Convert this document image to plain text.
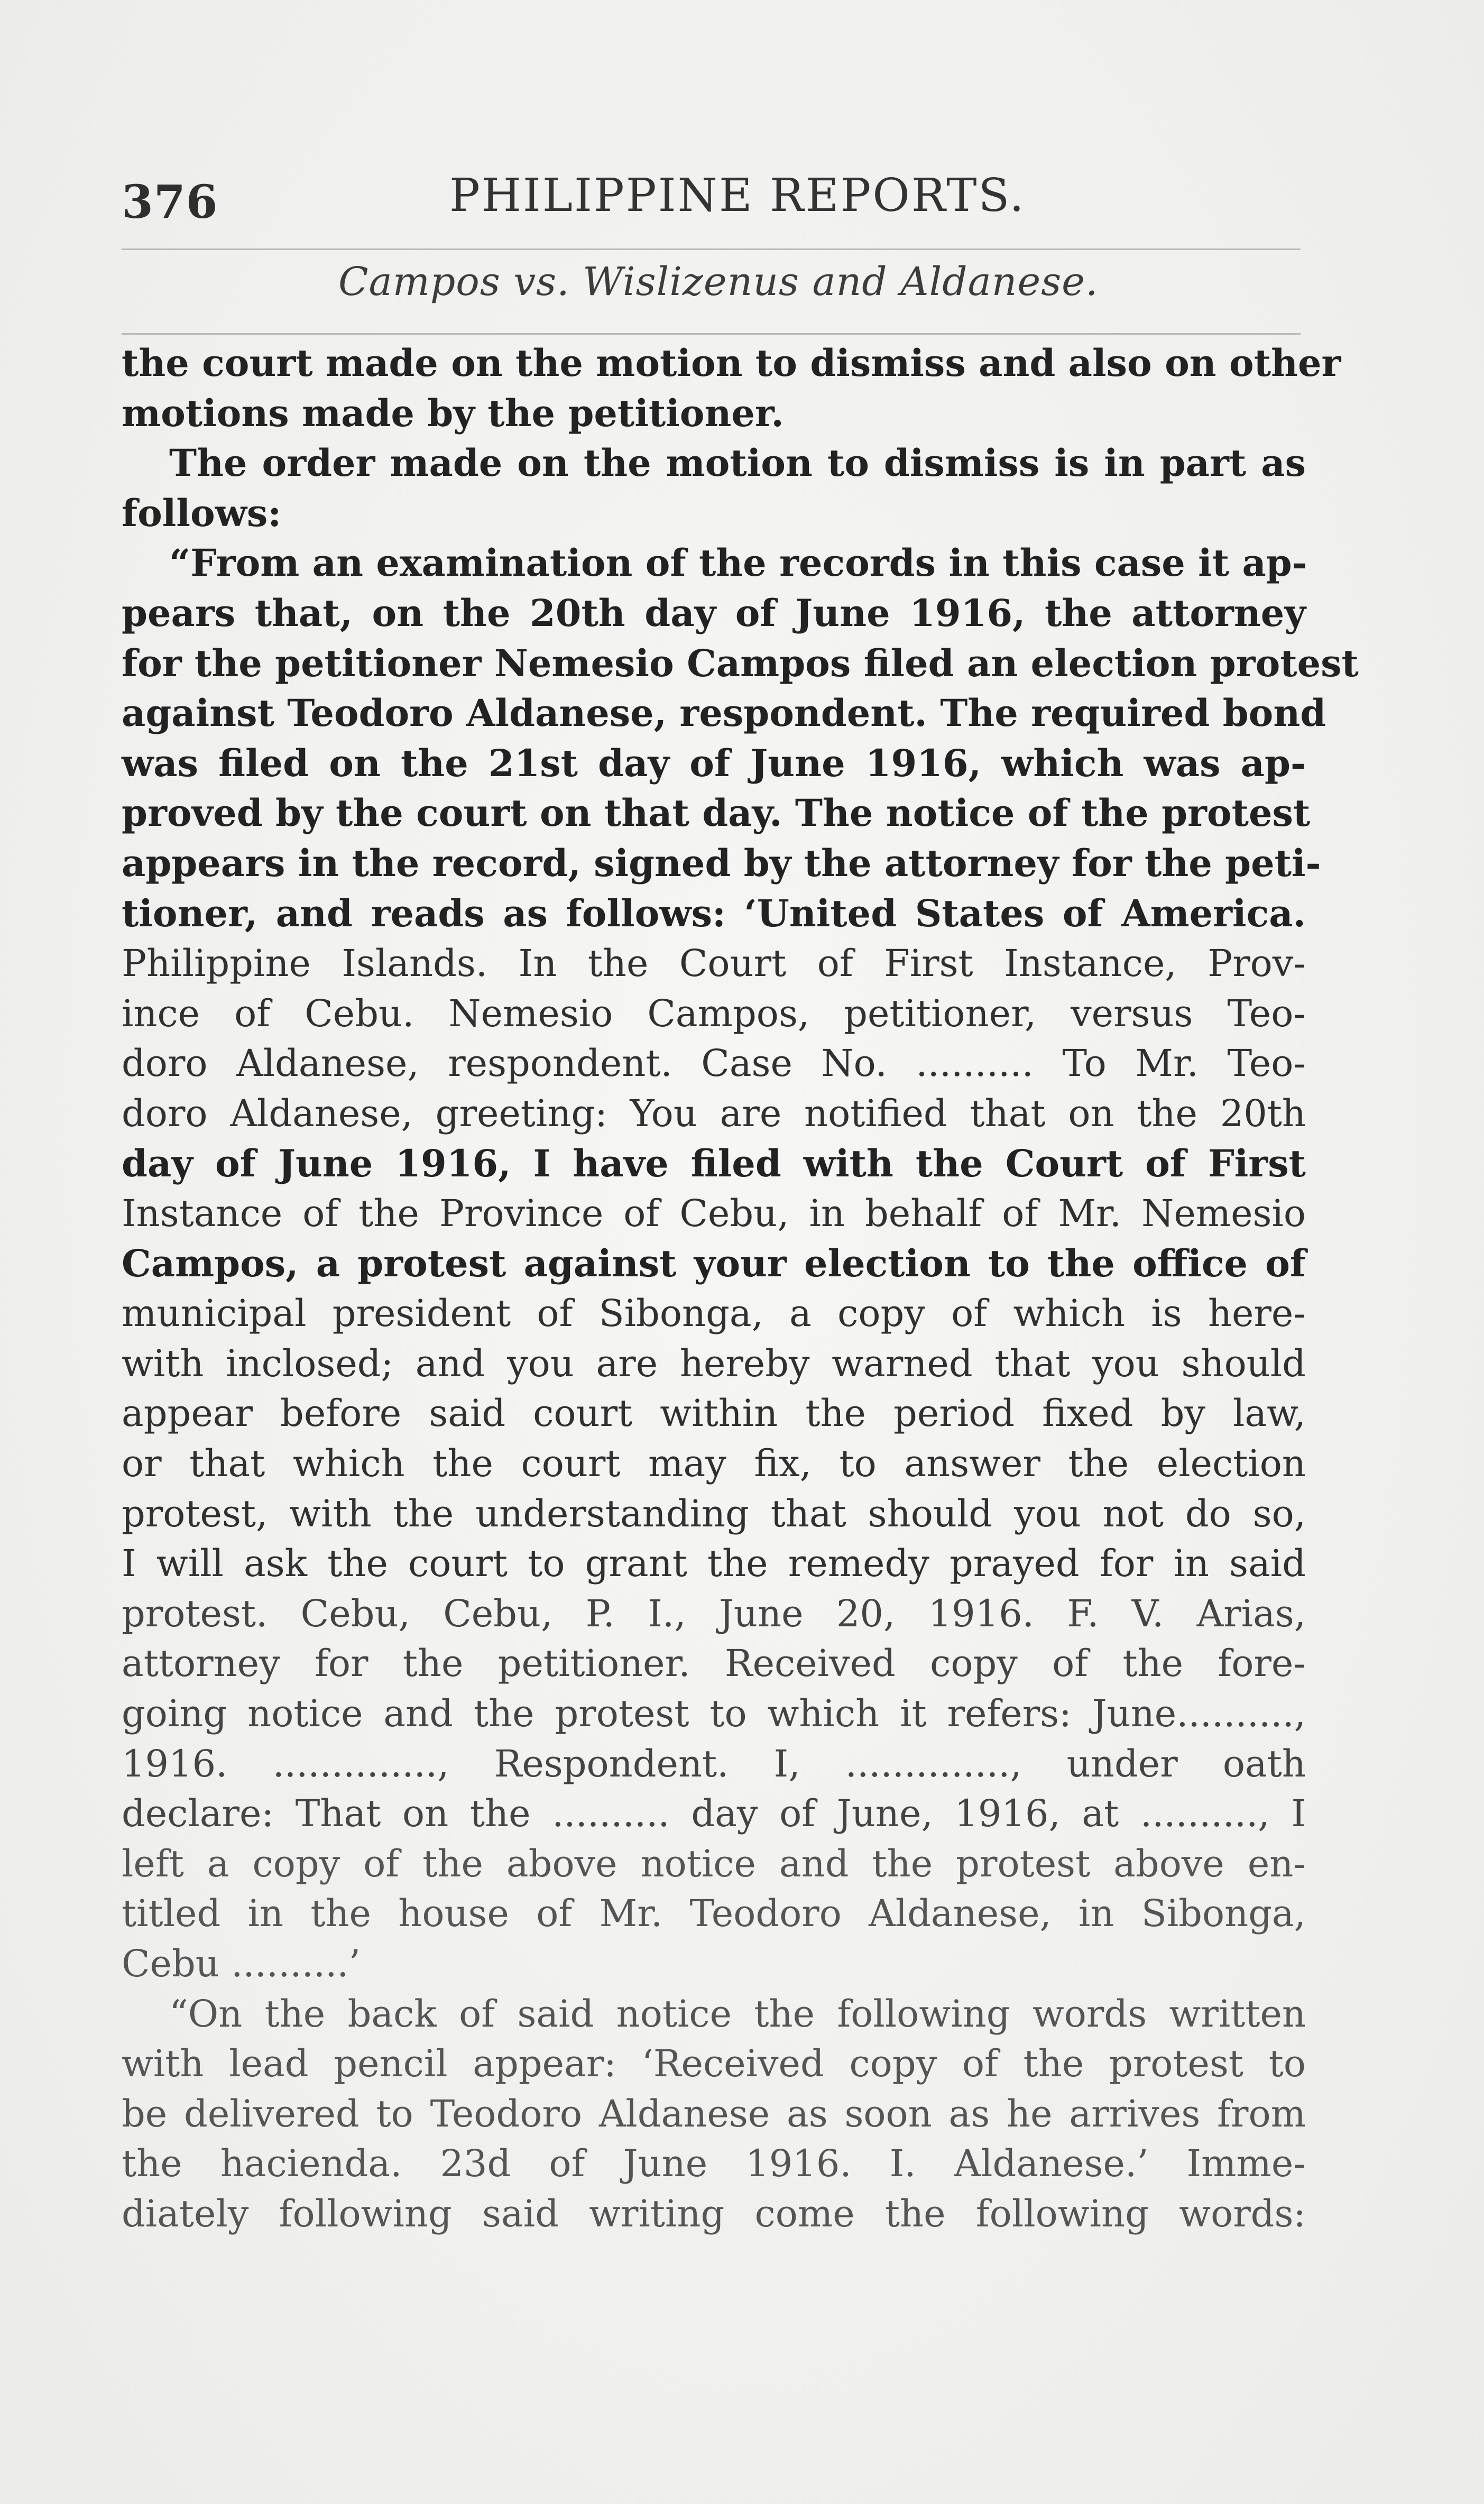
376	PHILIPPINE REPORTS.
Campos vs. Wislizenus and Aldanese.
the court made on the motion to dismiss and also on other
motions made by the petitioner.
The order made on the motion to dismiss is in part as
follows:
“From an examination of the records in this case it ap-
pears that, on the 20th day of June 1916, the attorney
for the petitioner Nemesio Campos filed an election protest
against Teodoro Aldanese, respondent. The required bond
was filed on the 21st day of June 1916, which was ap-
proved by the court on that day. The notice of the protest
appears in the record, signed by the attorney for the peti-
tioner, and reads as follows: ‘United States of America.
Philippine Islands. In the Court of First Instance, Prov-
ince of Cebu. Nemesio Campos, petitioner, versus Teo-
doro Aldanese, respondent. Case No. .......... To Mr. Teo-
doro Aldanese, greeting: You are notified that on the 20th
day of June 1916, I have filed with the Court of First
Instance of the Province of Cebu, in behalf of Mr. Nemesio
Campos, a protest against your election to the office of
municipal president of Sibonga, a copy of which is here-
with inclosed; and you are hereby warned that you should
appear before said court within the period fixed by law,
or that which the court may fix, to answer the election
protest, with the understanding that should you not do so,
I will ask the court to grant the remedy prayed for in said
protest. Cebu, Cebu, P. I., June 20, 1916. F. V. Arias,
attorney for the petitioner. Received copy of the fore-
going notice and the protest to which it refers: June..........,
1916. .............., Respondent. I, .............., under oath
declare: That on the .......... day of June, 1916, at .........., I
left a copy of the above notice and the protest above en-
titled in the house of Mr. Teodoro Aldanese, in Sibonga,
Cebu ..........’
“On the back of said notice the following words written
with lead pencil appear: ‘Received copy of the protest to
be delivered to Teodoro Aldanese as soon as he arrives from
the hacienda. 23d of June 1916. I. Aldanese.’ Imme-
diately following said writing come the following words:
